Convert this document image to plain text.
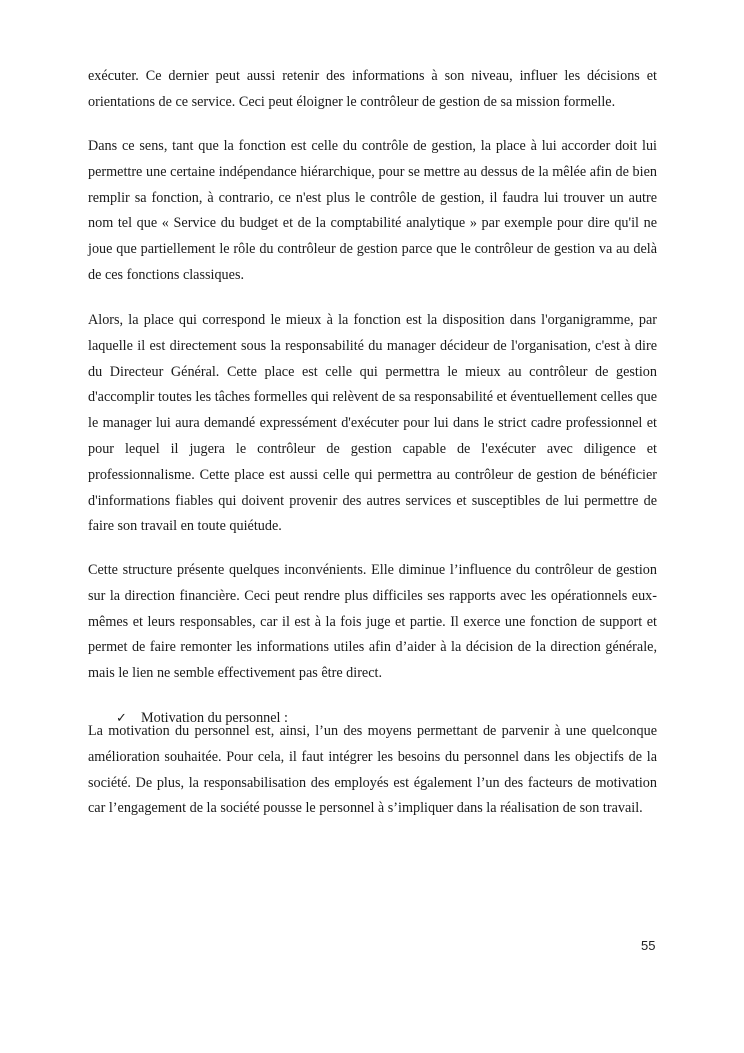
exécuter. Ce dernier peut aussi retenir des informations à son niveau, influer les décisions et orientations de ce service. Ceci peut éloigner le contrôleur de gestion de sa mission formelle.

Dans ce sens, tant que la fonction est celle du contrôle de gestion, la place à lui accorder doit lui permettre une certaine indépendance hiérarchique, pour se mettre au dessus de la mêlée afin de bien remplir sa fonction, à contrario, ce n'est plus le contrôle de gestion, il faudra lui trouver un autre nom tel que « Service du budget et de la comptabilité analytique » par exemple pour dire qu'il ne joue que partiellement le rôle du contrôleur de gestion parce que le contrôleur de gestion va au delà de ces fonctions classiques.

Alors, la place qui correspond le mieux à la fonction est la disposition dans l'organigramme, par laquelle il est directement sous la responsabilité du manager décideur de l'organisation, c'est à dire du Directeur Général. Cette place est celle qui permettra le mieux au contrôleur de gestion d'accomplir toutes les tâches formelles qui relèvent de sa responsabilité et éventuellement celles que le manager lui aura demandé expressément d'exécuter pour lui dans le strict cadre professionnel et pour lequel il jugera le contrôleur de gestion capable de l'exécuter avec diligence et professionnalisme. Cette place est aussi celle qui permettra au contrôleur de gestion de bénéficier d'informations fiables qui doivent provenir des autres services et susceptibles de lui permettre de faire son travail en toute quiétude.

Cette structure présente quelques inconvénients. Elle diminue l’influence du contrôleur de gestion sur la direction financière. Ceci peut rendre plus difficiles ses rapports avec les opérationnels eux-mêmes et leurs responsables, car il est à la fois juge et partie. Il exerce une fonction de support et permet de faire remonter les informations utiles afin d’aider à la décision de la direction générale, mais le lien ne semble effectivement pas être direct.

✓ Motivation du personnel :

La motivation du personnel est, ainsi, l’un des moyens permettant de parvenir à une quelconque amélioration souhaitée. Pour cela, il faut intégrer les besoins du personnel dans les objectifs de la société. De plus, la responsabilisation des employés est également l’un des facteurs de motivation car l’engagement de la société pousse le personnel à s’impliquer dans la réalisation de son travail.

55
